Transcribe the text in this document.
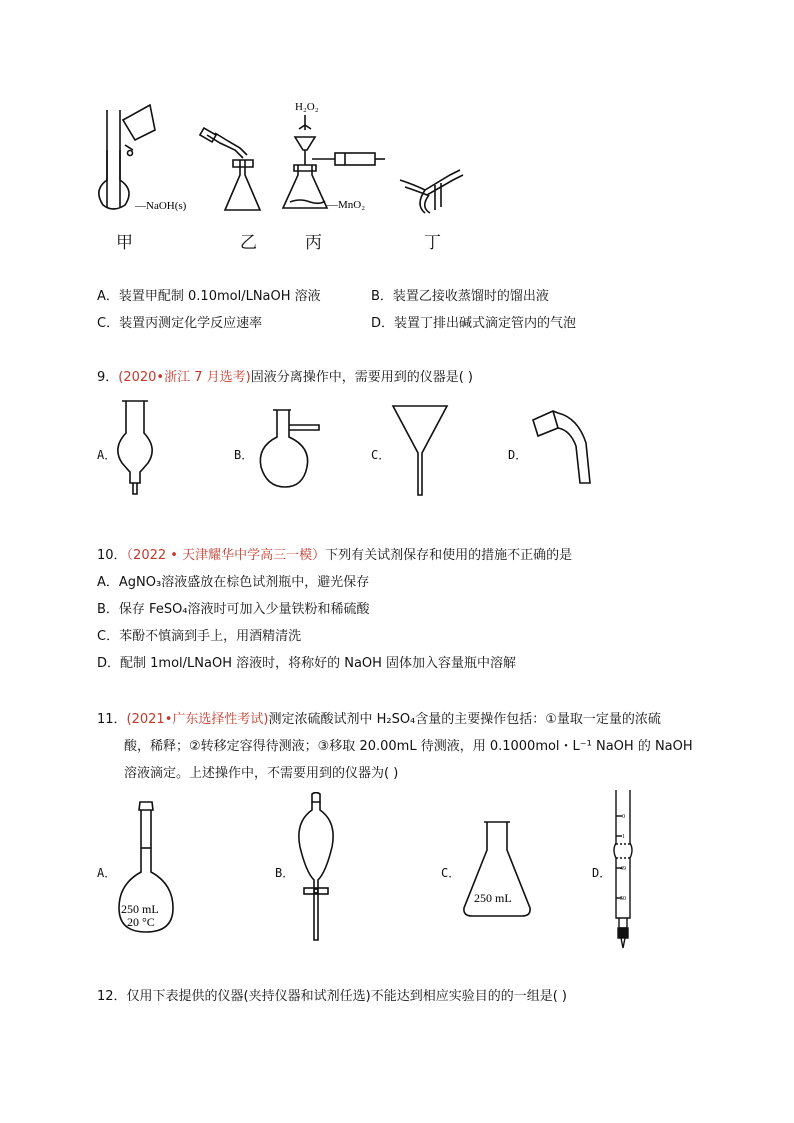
H₂O₂
—NaOH(s)	—MnO₂
甲	乙	丙	丁
A．装置甲配制 0.10mol/LNaOH 溶液	B．装置乙接收蒸馏时的馏出液
C．装置丙测定化学反应速率	D．装置丁排出碱式滴定管内的气泡
9．(2020•浙江 7 月选考)固液分离操作中，需要用到的仪器是( )
A．	B．	C．	D．
10．（2022 • 天津耀华中学高三一模）下列有关试剂保存和使用的措施不正确的是
A．AgNO₃溶液盛放在棕色试剂瓶中，避光保存
B．保存 FeSO₄溶液时可加入少量铁粉和稀硫酸
C．苯酚不慎滴到手上，用酒精清洗
D．配制 1mol/LNaOH 溶液时，将称好的 NaOH 固体加入容量瓶中溶解
11．(2021•广东选择性考试)测定浓硫酸试剂中 H₂SO₄含量的主要操作包括：①量取一定量的浓硫
酸，稀释；②转移定容得待测液；③移取 20.00mL 待测液，用 0.1000mol・L⁻¹ NaOH 的 NaOH
溶液滴定。上述操作中，不需要用到的仪器为( )
A．	B．	C．	D．
250 mL
20 °C
250 mL
0
1
49
50
12．仅用下表提供的仪器(夹持仪器和试剂任选)不能达到相应实验目的的一组是( )
